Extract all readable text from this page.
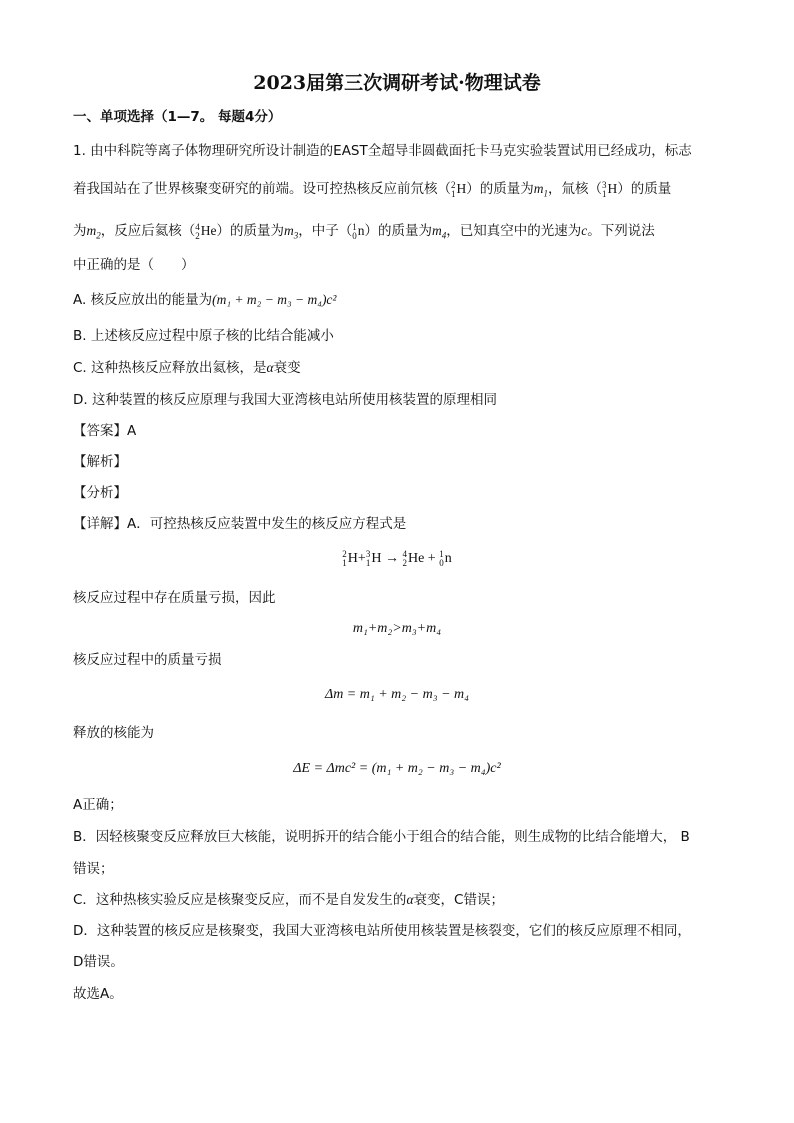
2023届第三次调研考试·物理试卷
一、单项选择（1—7。 每题4分）
1. 由中科院等离子体物理研究所设计制造的EAST全超导非圆截面托卡马克实验装置试用已经成功，标志
着我国站在了世界核聚变研究的前端。设可控热核反应前氘核（ 2
1 H）的质量为$m_1$，氚核（ 3
1 H）的质量
为$m_2$，反应后氦核（ 4
2 He）的质量为$m_3$，中子（ 1
0 n）的质量为$m_4$，已知真空中的光速为c。下列说法
中正确的是（　　）
A. 核反应放出的能量为(m₁ + m₂ − m₃ − m₄)c²
B. 上述核反应过程中原子核的比结合能减小
C. 这种热核反应释放出氦核，是α衰变
D. 这种装置的核反应原理与我国大亚湾核电站所使用核装置的原理相同
【答案】A
【解析】
【分析】
【详解】A．可控热核反应装置中发生的核反应方程式是
2
1 H+ 3
1 H → 4
2 He + 1
0 n
核反应过程中存在质量亏损，因此
m₁+m₂>m₃+m₄
核反应过程中的质量亏损
Δm = m₁ + m₂ − m₃ − m₄
释放的核能为
ΔE = Δmc² = (m₁ + m₂ − m₃ − m₄)c²
A正确；
B．因轻核聚变反应释放巨大核能，说明拆开的结合能小于组合的结合能，则生成物的比结合能增大， B
错误；
C．这种热核实验反应是核聚变反应，而不是自发发生的α衰变，C错误；
D．这种装置的核反应是核聚变，我国大亚湾核电站所使用核装置是核裂变，它们的核反应原理不相同，
D错误。
故选A。
